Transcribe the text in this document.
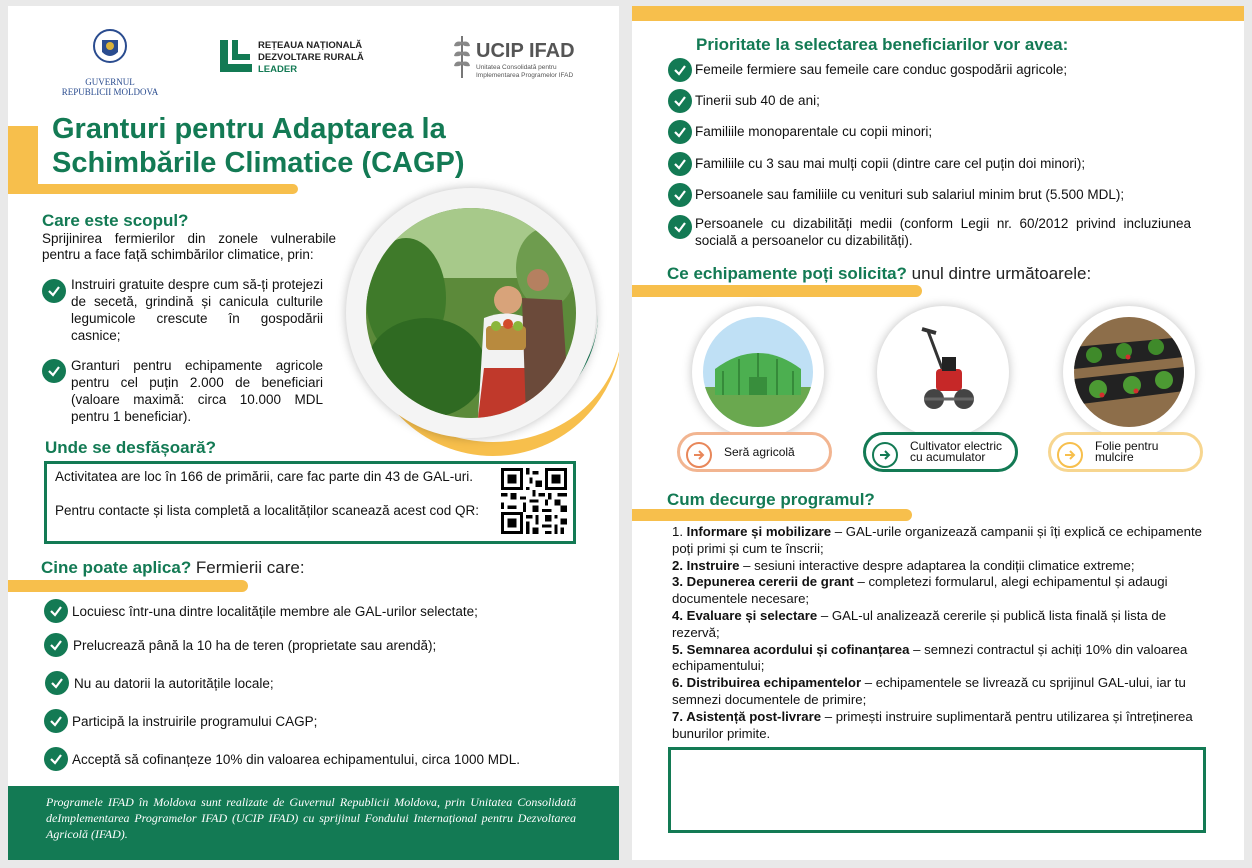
GUVERNUL
REPUBLICII MOLDOVA
REȚEAUA NAȚIONALĂ
DEZVOLTARE RURALĂ
LEADER
UCIP IFAD
Unitatea Consolidată pentru
Implementarea Programelor IFAD
Granturi pentru Adaptarea la
Schimbările Climatice (CAGP)
Care este scopul?
Sprijinirea fermierilor din zonele vulnerabile pentru a face față schimbărilor climatice, prin:
Instruiri gratuite despre cum să-ți protejezi de secetă, grindină și canicula culturile legumicole crescute în gospodării casnice;
Granturi pentru echipamente agricole pentru cel puțin 2.000 de beneficiari (valoare maximă: circa 10.000 MDL pentru 1 beneficiar).
Unde se desfășoară?
Activitatea are loc în 166 de primării, care fac parte din 43 de GAL-uri.
Pentru contacte și lista completă a localităților scanează acest cod QR:
Cine poate aplica? Fermierii care:
Locuiesc într-una dintre localitățile membre ale GAL-urilor selectate;
Prelucrează până la 10 ha de teren (proprietate sau arendă);
Nu au datorii la autoritățile locale;
Participă la instruirile programului CAGP;
Acceptă să cofinanțeze 10% din valoarea echipamentului, circa 1000 MDL.
Programele IFAD în Moldova sunt realizate de Guvernul Republicii Moldova, prin Unitatea Consolidată deImplementarea Programelor IFAD (UCIP IFAD) cu sprijinul Fondului Internațional pentru Dezvoltarea Agricolă (IFAD).
Prioritate la selectarea beneficiarilor vor avea:
Femeile fermiere sau femeile care conduc gospodării agricole;
Tinerii sub 40 de ani;
Familiile monoparentale cu copii minori;
Familiile cu 3 sau mai mulți copii (dintre care cel puțin doi minori);
Persoanele sau familiile cu venituri sub salariul minim brut (5.500 MDL);
Persoanele cu dizabilități medii (conform Legii nr. 60/2012 privind incluziunea socială a persoanelor cu dizabilități).
Ce echipamente poți solicita? unul dintre următoarele:
Seră agricolă	Cultivator electric
cu acumulator
Folie pentru
mulcire
Cum decurge programul?
1. Informare și mobilizare – GAL-urile organizează campanii și îți explică ce echipamente poți primi și cum te înscrii;
2. Instruire – sesiuni interactive despre adaptarea la condiții climatice extreme;
3. Depunerea cererii de grant – completezi formularul, alegi echipamentul și adaugi documentele necesare;
4. Evaluare și selectare – GAL-ul analizează cererile și publică lista finală și lista de rezervă;
5. Semnarea acordului și cofinanțarea – semnezi contractul și achiți 10% din valoarea echipamentului;
6. Distribuirea echipamentelor – echipamentele se livrează cu sprijinul GAL-ului, iar tu semnezi documentele de primire;
7. Asistență post-livrare – primești instruire suplimentară pentru utilizarea și întreținerea bunurilor primite.
